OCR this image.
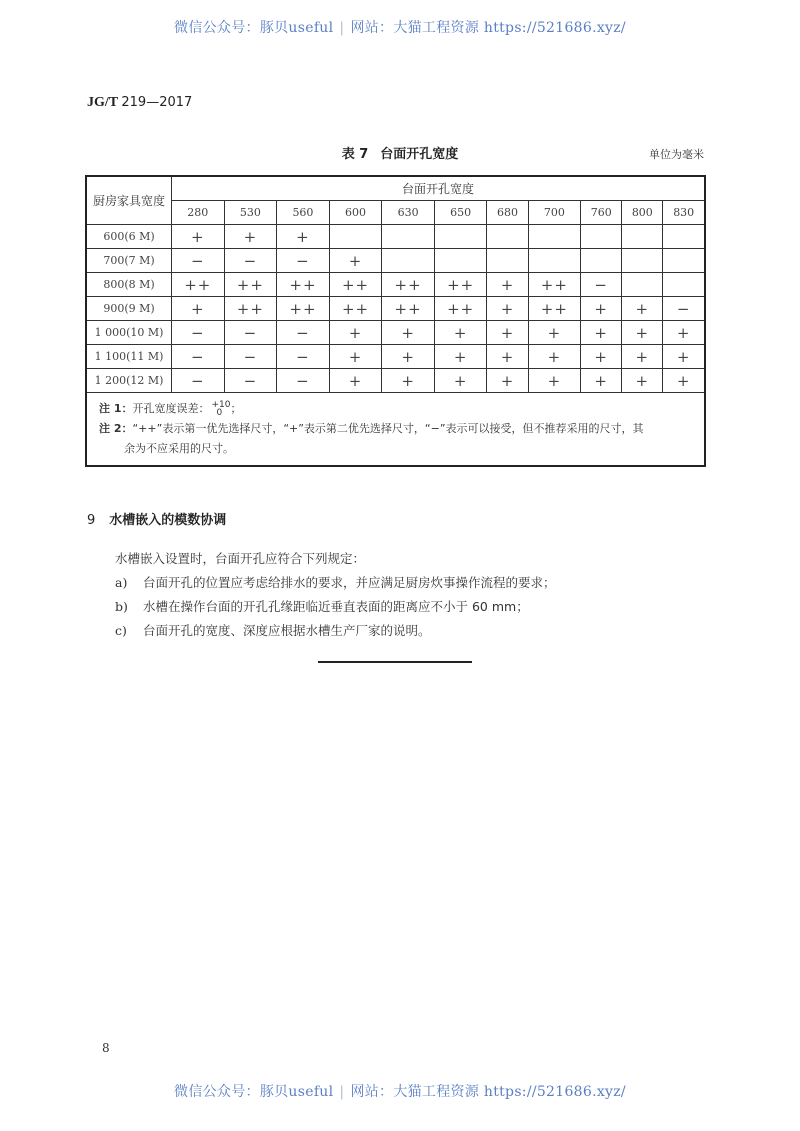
微信公众号：豚贝useful | 网站：大猫工程资源 https://521686.xyz/
JG/T 219—2017
表 7 台面开孔宽度	单位为毫米
厨房家具宽度	台面开孔宽度										
	280	530	560	600	630	650	680	700	760	800	830
600(6 M)	+	+	+								
700(7 M)	−	−	−	+							
800(8 M)	++	++	++	++	++	++	+	++	−		
900(9 M)	+	++	++	++	++	++	+	++	+	+	−
1 000(10 M)	−	−	−	+	+	+	+	+	+	+	+
1 100(11 M)	−	−	−	+	+	+	+	+	+	+	+
1 200(12 M)	−	−	−	+	+	+	+	+	+	+	+

注 1：开孔宽度误差： +10
0 ；
注 2：“++”表示第一优先选择尺寸，“+”表示第二优先选择尺寸，“−”表示可以接受，但不推荐采用的尺寸，其
余为不应采用的尺寸。
9 水槽嵌入的模数协调
水槽嵌入设置时，台面开孔应符合下列规定：
a) 台面开孔的位置应考虑给排水的要求，并应满足厨房炊事操作流程的要求；
b) 水槽在操作台面的开孔孔缘距临近垂直表面的距离应不小于 60 mm；
c) 台面开孔的宽度、深度应根据水槽生产厂家的说明。
8
微信公众号：豚贝useful | 网站：大猫工程资源 https://521686.xyz/
